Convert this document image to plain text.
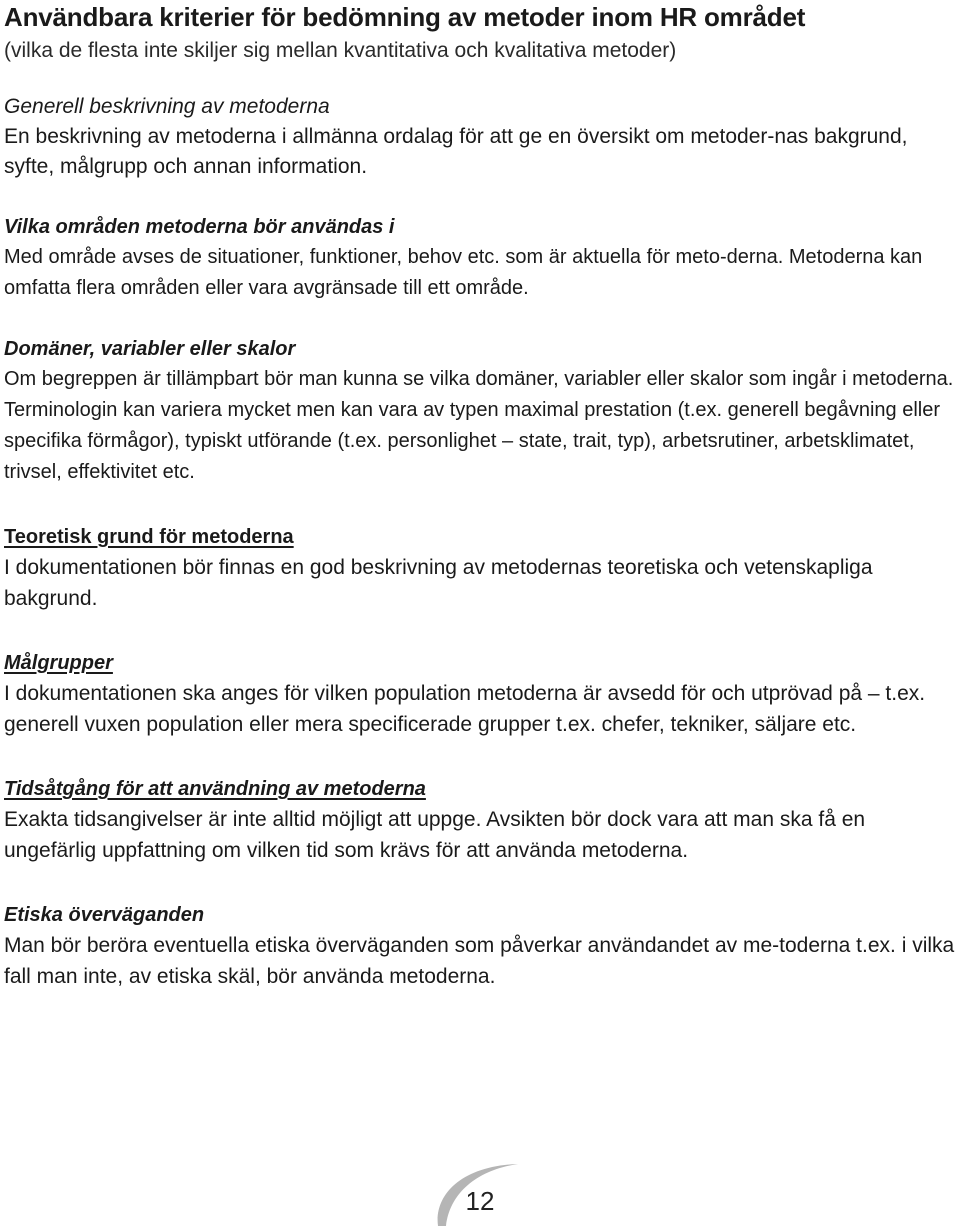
Användbara kriterier för bedömning av metoder inom HR området

(vilka de flesta inte skiljer sig mellan kvantitativa och kvalitativa metoder)

Generell beskrivning av metoderna

En beskrivning av metoderna i allmänna ordalag för att ge en översikt om metoder-nas bakgrund, syfte, målgrupp och annan information.

Vilka områden metoderna bör användas i

Med område avses de situationer, funktioner, behov etc. som är aktuella för meto-derna. Metoderna kan omfatta flera områden eller vara avgränsade till ett område.

Domäner, variabler eller skalor

Om begreppen är tillämpbart bör man kunna se vilka domäner, variabler eller skalor som ingår i metoderna. Terminologin kan variera mycket men kan vara av typen maximal prestation (t.ex. generell begåvning eller specifika förmågor), typiskt utförande (t.ex. personlighet – state, trait, typ), arbetsrutiner, arbetsklimatet, trivsel, effektivitet etc.

Teoretisk grund för metoderna

I dokumentationen bör finnas en god beskrivning av metodernas teoretiska och vetenskapliga bakgrund.

Målgrupper

I dokumentationen ska anges för vilken population metoderna är avsedd för och utprövad på – t.ex. generell vuxen population eller mera specificerade grupper t.ex. chefer, tekniker, säljare etc.

Tidsåtgång för att användning av metoderna

Exakta tidsangivelser är inte alltid möjligt att uppge. Avsikten bör dock vara att man ska få en ungefärlig uppfattning om vilken tid som krävs för att använda metoderna.

Etiska överväganden

Man bör beröra eventuella etiska överväganden som påverkar användandet av me-toderna t.ex. i vilka fall man inte, av etiska skäl, bör använda metoderna.

12
